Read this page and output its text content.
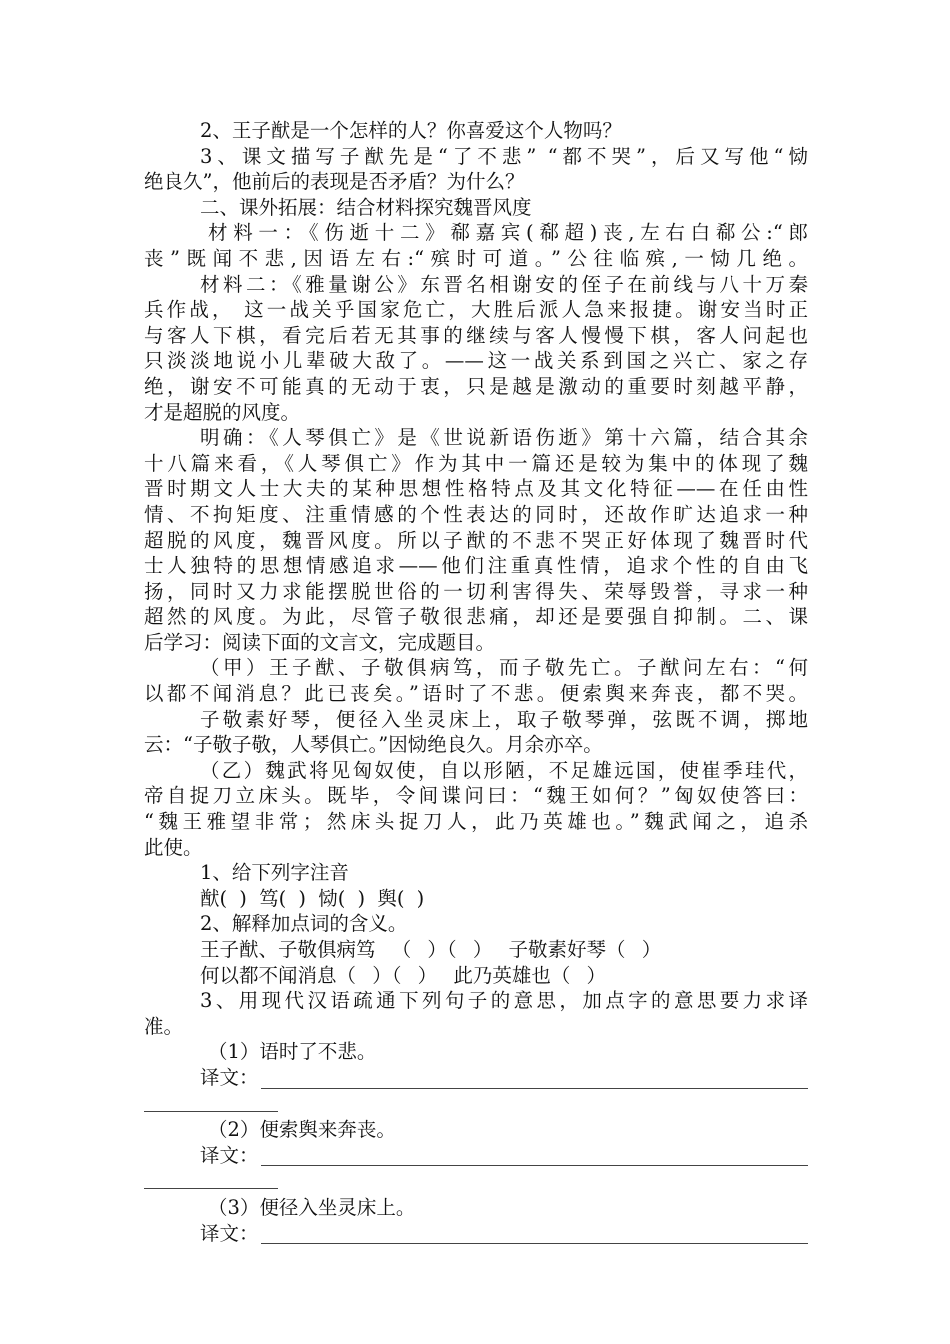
2、王子猷是一个怎样的人？你喜爱这个人物吗？
3、课文描写子猷先是“了不悲” “都不哭”，后又写他“恸
绝良久”，他前后的表现是否矛盾？为什么？
二、课外拓展：结合材料探究魏晋风度
材料一：《伤逝十二》郗嘉宾(郗超)丧,左右白郗公:“郎
丧”既闻不悲,因语左右:“殡时可道。”公往临殡,一恸几绝。
材料二：《雅量谢公》东晋名相谢安的侄子在前线与八十万秦
兵作战， 这一战关乎国家危亡，大胜后派人急来报捷。谢安当时正
与客人下棋，看完后若无其事的继续与客人慢慢下棋，客人问起也
只淡淡地说小儿辈破大敌了。——这一战关系到国之兴亡、家之存
绝，谢安不可能真的无动于衷，只是越是激动的重要时刻越平静，
才是超脱的风度。
明确：《人琴俱亡》是《世说新语伤逝》第十六篇，结合其余
十八篇来看，《人琴俱亡》作为其中一篇还是较为集中的体现了魏
晋时期文人士大夫的某种思想性格特点及其文化特征——在任由性
情、不拘矩度、注重情感的个性表达的同时，还故作旷达追求一种
超脱的风度，魏晋风度。所以子猷的不悲不哭正好体现了魏晋时代
士人独特的思想情感追求——他们注重真性情，追求个性的自由飞
扬，同时又力求能摆脱世俗的一切利害得失、荣辱毁誉，寻求一种
超然的风度。为此，尽管子敬很悲痛，却还是要强自抑制。二、课
后学习：阅读下面的文言文，完成题目。
（甲）王子猷、子敬俱病笃，而子敬先亡。子猷问左右：“何
以都不闻消息？此已丧矣。”语时了不悲。便索舆来奔丧，都不哭。
子敬素好琴，便径入坐灵床上，取子敬琴弹，弦既不调，掷地
云：“子敬子敬，人琴俱亡。”因恸绝良久。月余亦卒。
（乙）魏武将见匈奴使，自以形陋，不足雄远国，使崔季珪代，
帝自捉刀立床头。既毕，令间谍问曰：“魏王如何？”匈奴使答曰：
“魏王雅望非常；然床头捉刀人，此乃英雄也。”魏武闻之，追杀
此使。
1、给下列字注音
猷( ) 笃( ) 恸( ) 舆( )
2、解释加点词的含义。
王子猷、子敬俱病笃 （ ）（ ） 子敬素好琴（ ）
何以都不闻消息（ ）（ ） 此乃英雄也（ ）
3、用现代汉语疏通下列句子的意思，加点字的意思要力求译
准。
（1）语时了不悲。
译文：
（2）便索舆来奔丧。
译文：
（3）便径入坐灵床上。
译文：
